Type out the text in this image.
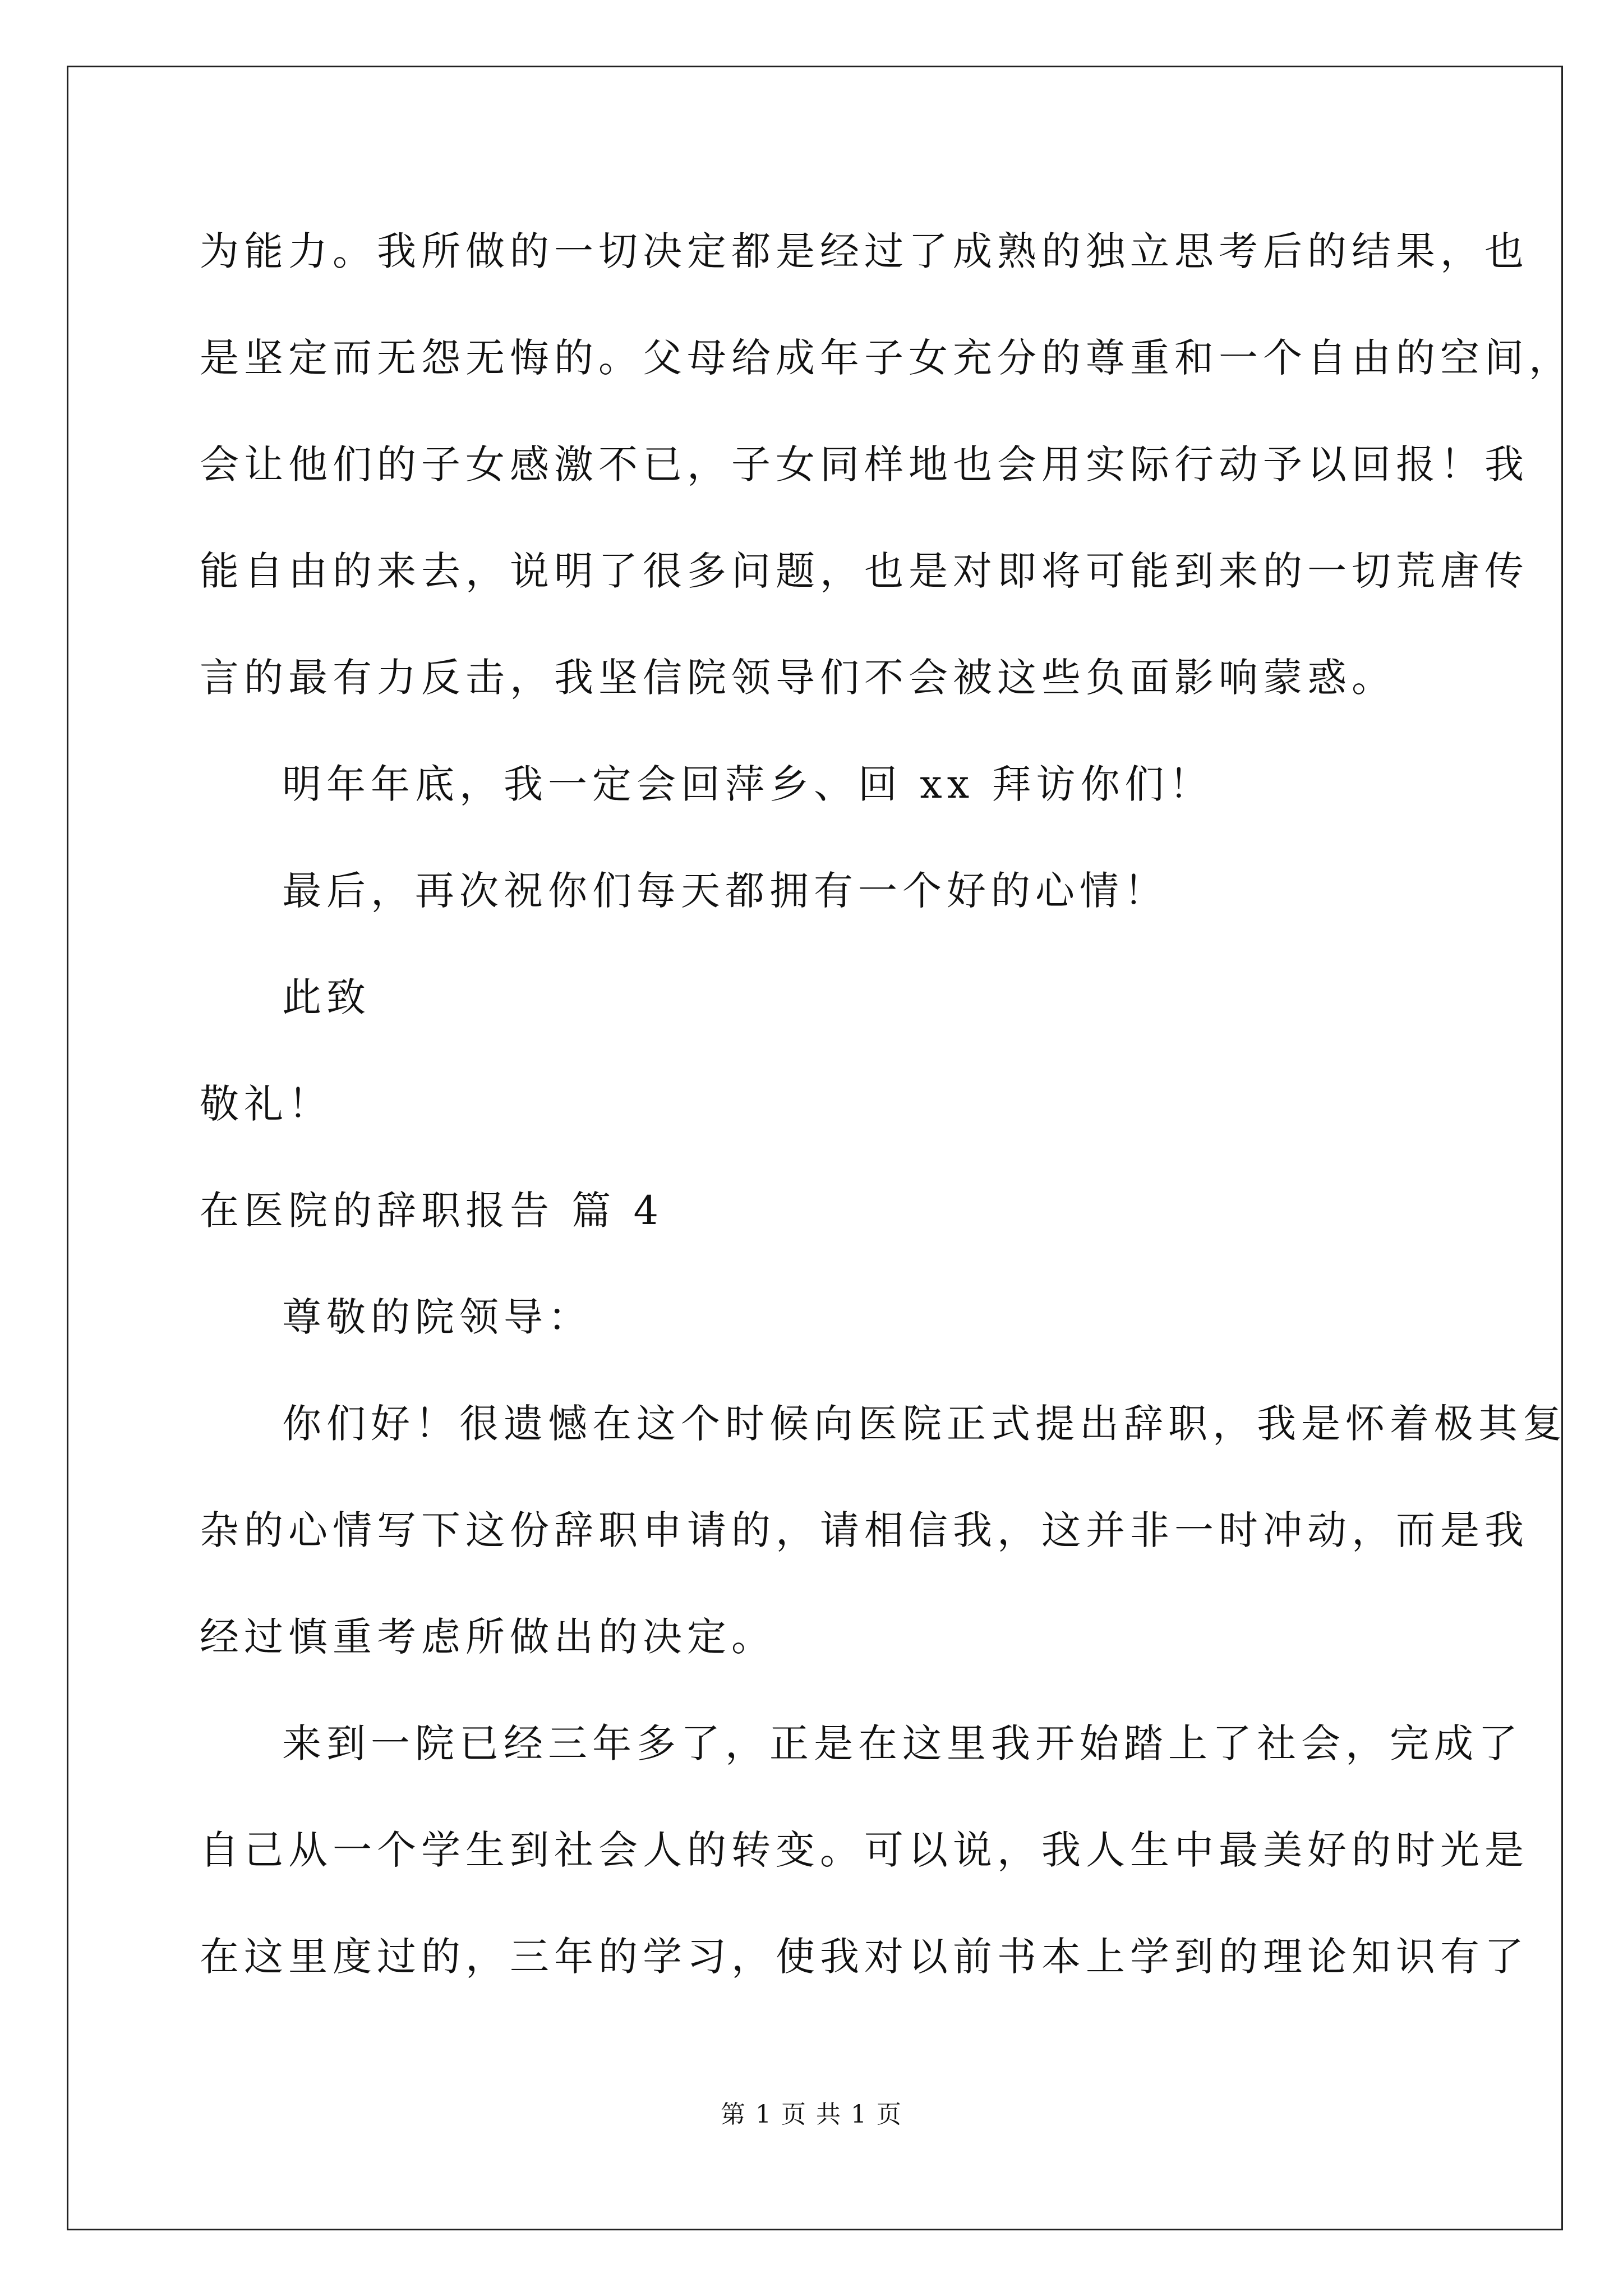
为能力。我所做的一切决定都是经过了成熟的独立思考后的结果，也
是坚定而无怨无悔的。父母给成年子女充分的尊重和一个自由的空间，
会让他们的子女感激不已，子女同样地也会用实际行动予以回报！我
能自由的来去，说明了很多问题，也是对即将可能到来的一切荒唐传
言的最有力反击，我坚信院领导们不会被这些负面影响蒙惑。
明年年底，我一定会回萍乡、回 xx 拜访你们！
最后，再次祝你们每天都拥有一个好的心情！
此致
敬礼！
在医院的辞职报告 篇 4
尊敬的院领导：
你们好！很遗憾在这个时候向医院正式提出辞职，我是怀着极其复
杂的心情写下这份辞职申请的，请相信我，这并非一时冲动，而是我
经过慎重考虑所做出的决定。
来到一院已经三年多了，正是在这里我开始踏上了社会，完成了
自己从一个学生到社会人的转变。可以说，我人生中最美好的时光是
在这里度过的，三年的学习，使我对以前书本上学到的理论知识有了
第 1 页 共 1 页
